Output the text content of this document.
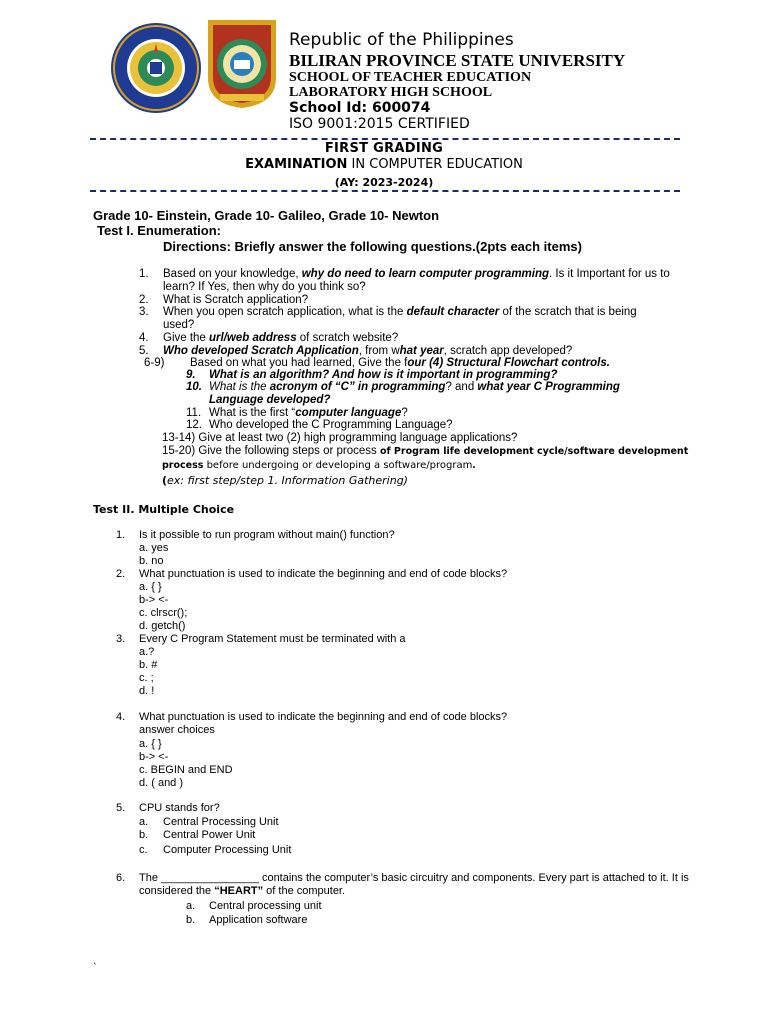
Republic of the Philippines
BILIRAN PROVINCE STATE UNIVERSITY
SCHOOL OF TEACHER EDUCATION
LABORATORY HIGH SCHOOL
School Id: 600074
ISO 9001:2015 CERTIFIED
FIRST GRADING
EXAMINATION IN COMPUTER EDUCATION
(AY: 2023-2024)
Grade 10- Einstein, Grade 10- Galileo, Grade 10- Newton
Test I. Enumeration:
Directions: Briefly answer the following questions.(2pts each items)
1. Based on your knowledge, why do need to learn computer programming. Is it Important for us to
learn? If Yes, then why do you think so?
2. What is Scratch application?
3. When you open scratch application, what is the default character of the scratch that is being
used?
4. Give the url/web address of scratch website?
5. Who developed Scratch Application, from what year, scratch app developed?
6-9) Based on what you had learned, Give the four (4) Structural Flowchart controls.
9. What is an algorithm? And how is it important in programming?
10. What is the acronym of “C” in programming? and what year C Programming
Language developed?
11. What is the first “computer language?
12. Who developed the C Programming Language?
13-14) Give at least two (2) high programming language applications?
15-20) Give the following steps or process of Program life development cycle/software development
process before undergoing or developing a software/program.
(ex: first step/step 1. Information Gathering)
Test II. Multiple Choice
1. Is it possible to run program without main() function?
a. yes
b. no
2. What punctuation is used to indicate the beginning and end of code blocks?
a. { }
b-> <-
c. clrscr();
d. getch()
3. Every C Program Statement must be terminated with a
a.?
b. #
c. ;
d. !
4. What punctuation is used to indicate the beginning and end of code blocks?
answer choices
a. { }
b-> <-
c. BEGIN and END
d. ( and )
5. CPU stands for?
a. Central Processing Unit
b. Central Power Unit
c. Computer Processing Unit
6. The ________________ contains the computer’s basic circuitry and components. Every part is attached to it. It is
considered the “HEART” of the computer.
a. Central processing unit
b. Application software
`
